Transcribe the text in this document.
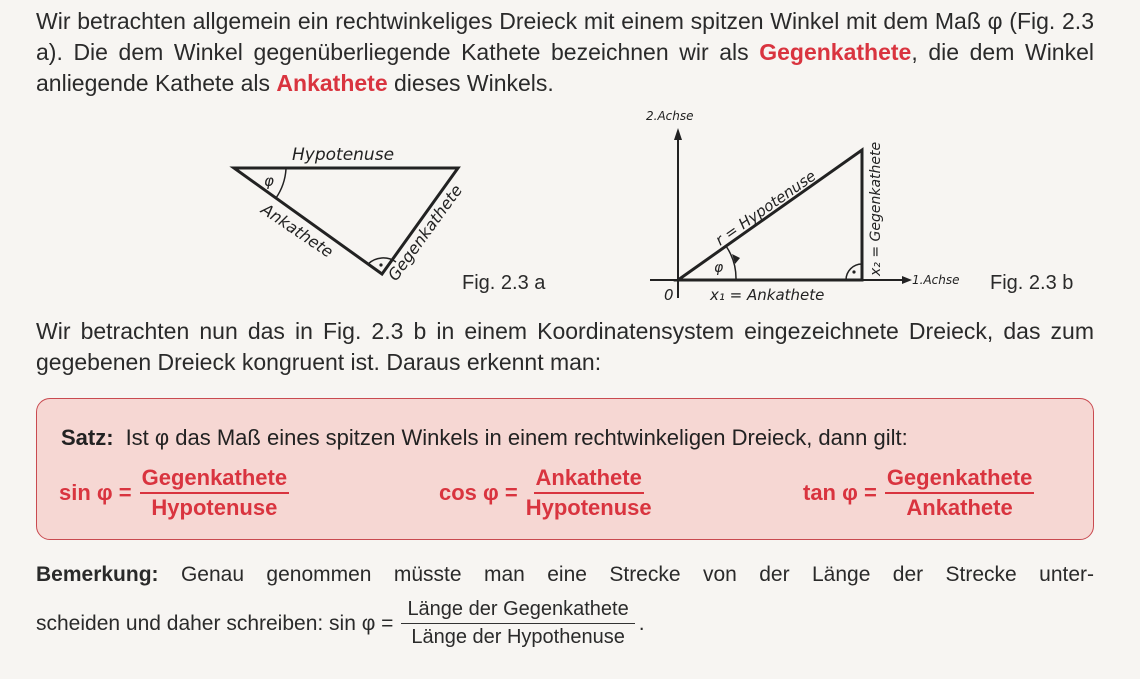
Wir betrachten allgemein ein rechtwinkeliges Dreieck mit einem spitzen Winkel mit dem Maß φ (Fig. 2.3 a). Die dem Winkel gegenüberliegende Kathete bezeichnen wir als Gegenkathete, die dem Winkel anliegende Kathete als Ankathete dieses Winkels.
φ
Hypotenuse
Ankathete	Gegenkathete
Fig. 2.3 a
2.Achse
1.Achse
0
φ
r = Hypotenuse
x₁ = Ankathete
x₂ = Gegenkathete
Fig. 2.3 b
Wir betrachten nun das in Fig. 2.3 b in einem Koordinatensystem eingezeichnete Dreieck, das zum gegebenen Dreieck kongruent ist. Daraus erkennt man:
Satz: Ist φ das Maß eines spitzen Winkels in einem rechtwinkeligen Dreieck, dann gilt:
$\sin \varphi = \frac{\text{Gegenkathete}}{\text{Hypotenuse}}$	$\cos \varphi = \frac{\text{Ankathete}}{\text{Hypotenuse}}$	$\tan \varphi = \frac{\text{Gegenkathete}}{\text{Ankathete}}$
Bemerkung: Genau genommen müsste man eine Strecke von der Länge der Strecke unter-
scheiden und daher schreiben: $\sin \varphi = \frac{\text{Länge der Gegenkathete}}{\text{Länge der Hypothenuse}}$ .
